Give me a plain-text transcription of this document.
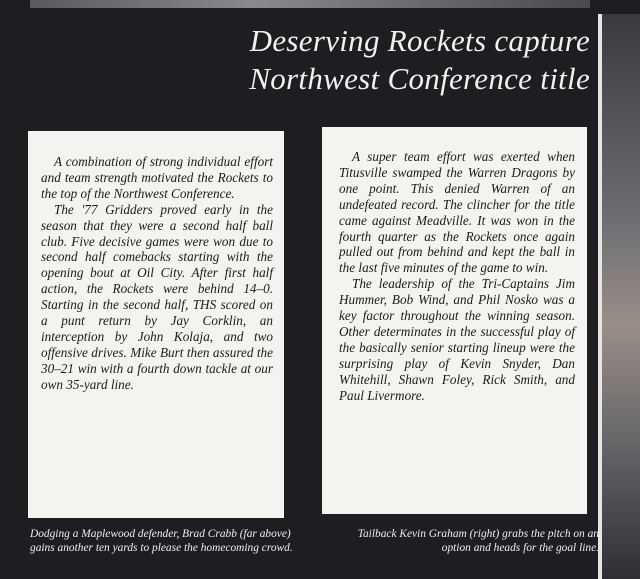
Deserving Rockets capture
Northwest Conference title

A combination of strong individual effort and team strength motivated the Rockets to the top of the Northwest Conference.

The '77 Gridders proved early in the season that they were a second half ball club. Five decisive games were won due to second half comebacks starting with the opening bout at Oil City. After first half action, the Rockets were behind 14–0. Starting in the second half, THS scored on a punt return by Jay Corklin, an interception by John Kolaja, and two offensive drives. Mike Burt then assured the 30–21 win with a fourth down tackle at our own 35-yard line.

A super team effort was exerted when Titusville swamped the Warren Dragons by one point. This denied Warren of an undefeated record. The clincher for the title came against Meadville. It was won in the fourth quarter as the Rockets once again pulled out from behind and kept the ball in the last five minutes of the game to win.

The leadership of the Tri-Captains Jim Hummer, Bob Wind, and Phil Nosko was a key factor throughout the winning season. Other determinates in the successful play of the basically senior starting lineup were the surprising play of Kevin Snyder, Dan Whitehill, Shawn Foley, Rick Smith, and Paul Livermore.

Dodging a Maplewood defender, Brad Crabb (far above) gains another ten yards to please the homecoming crowd.
Tailback Kevin Graham (right) grabs the pitch on an option and heads for the goal line.
